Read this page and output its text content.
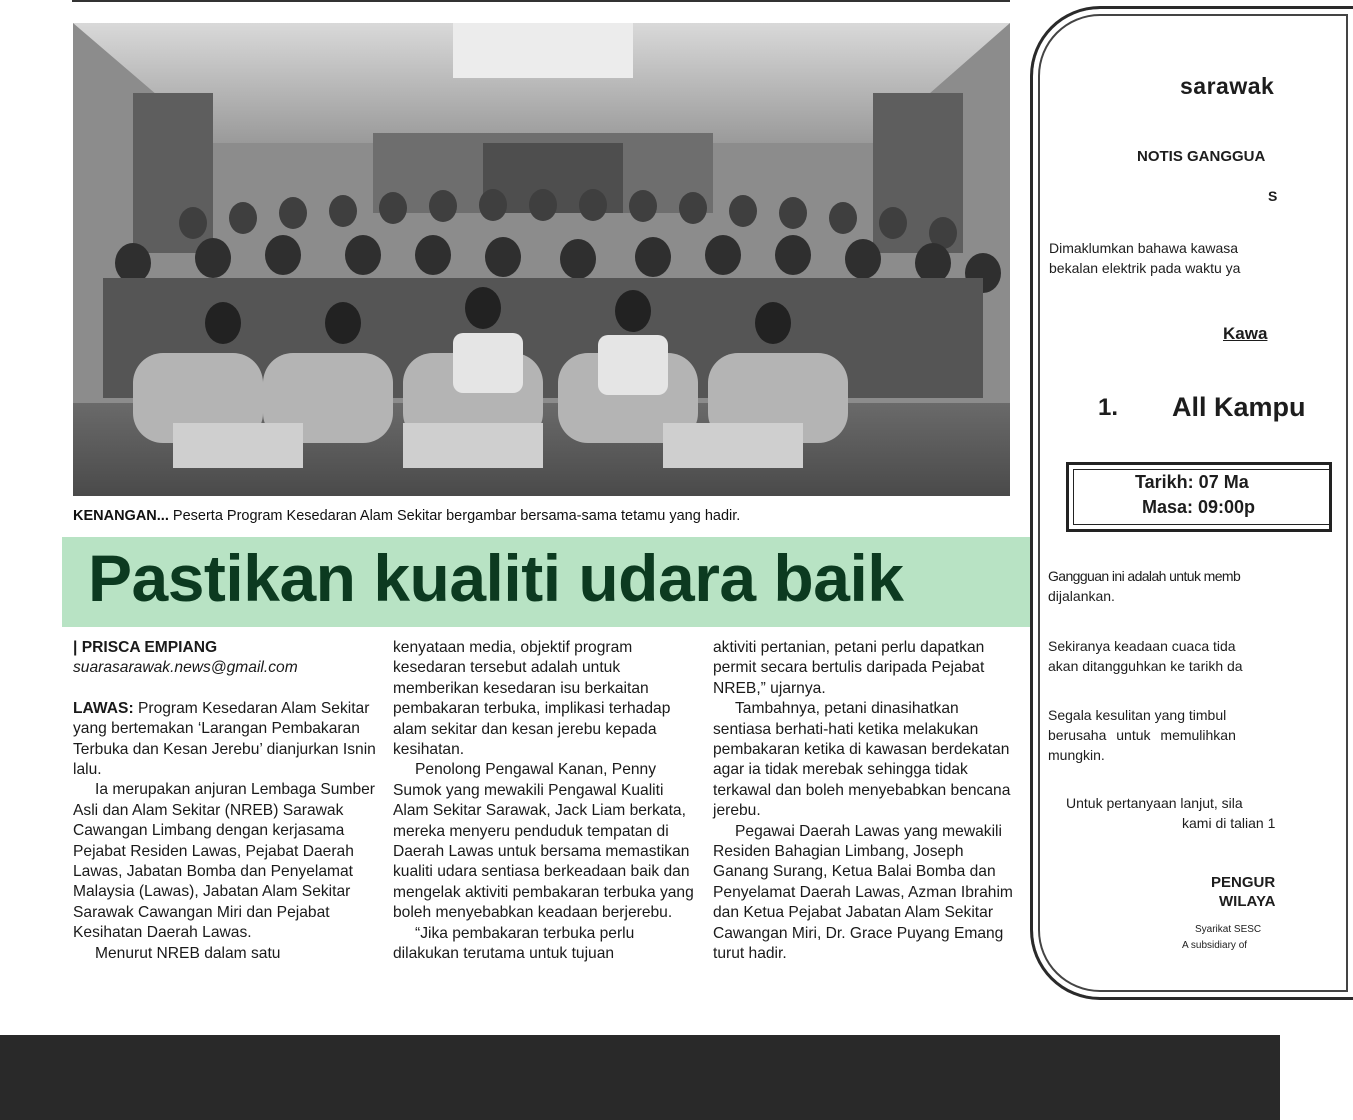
KENANGAN... Peserta Program Kesedaran Alam Sekitar bergambar bersama-sama tetamu yang hadir.
Pastikan kualiti udara baik

| PRISCA EMPIANG

suarasarawak.news@gmail.com

LAWAS: Program Kesedaran Alam Sekitar yang bertemakan ‘Larangan Pembakaran Terbuka dan Kesan Jerebu’ dianjurkan Isnin lalu.

Ia merupakan anjuran Lembaga Sumber Asli dan Alam Sekitar (NREB) Sarawak Cawangan Limbang dengan kerjasama Pejabat Residen Lawas, Pejabat Daerah Lawas, Jabatan Bomba dan Penyelamat Malaysia (Lawas), Jabatan Alam Sekitar Sarawak Cawangan Miri dan Pejabat Kesihatan Daerah Lawas.

Menurut NREB dalam satu

kenyataan media, objektif program kesedaran tersebut adalah untuk memberikan kesedaran isu berkaitan pembakaran terbuka, implikasi terhadap alam sekitar dan kesan jerebu kepada kesihatan.

Penolong Pengawal Kanan, Penny Sumok yang mewakili Pengawal Kualiti Alam Sekitar Sarawak, Jack Liam berkata, mereka menyeru penduduk tempatan di Daerah Lawas untuk bersama memastikan kualiti udara sentiasa berkeadaan baik dan mengelak aktiviti pembakaran terbuka yang boleh menyebabkan keadaan berjerebu.

“Jika pembakaran terbuka perlu dilakukan terutama untuk tujuan

aktiviti pertanian, petani perlu dapatkan permit secara bertulis daripada Pejabat NREB,” ujarnya.

Tambahnya, petani dinasihatkan sentiasa berhati-hati ketika melakukan pembakaran ketika di kawasan berdekatan agar ia tidak merebak sehingga tidak terkawal dan boleh menyebabkan bencana jerebu.

Pegawai Daerah Lawas yang mewakili Residen Bahagian Limbang, Joseph Ganang Surang, Ketua Balai Bomba dan Penyelamat Daerah Lawas, Azman Ibrahim dan Ketua Pejabat Jabatan Alam Sekitar Cawangan Miri, Dr. Grace Puyang Emang turut hadir.

sarawak
NOTIS GANGGUA
S
Dimaklumkan bahawa kawasa
bekalan elektrik pada waktu ya
Kawa
1. All Kampu
Tarikh: 07 Ma
Masa: 09:00p
Gangguan ini adalah untuk memb
dijalankan.
Sekiranya keadaan cuaca tida
akan ditangguhkan ke tarikh da
Segala kesulitan yang timbul
berusaha untuk memulihkan
mungkin.
Untuk pertanyaan lanjut, sila
kami di talian 1
PENGUR
WILAYA
Syarikat SESC
A subsidiary of
